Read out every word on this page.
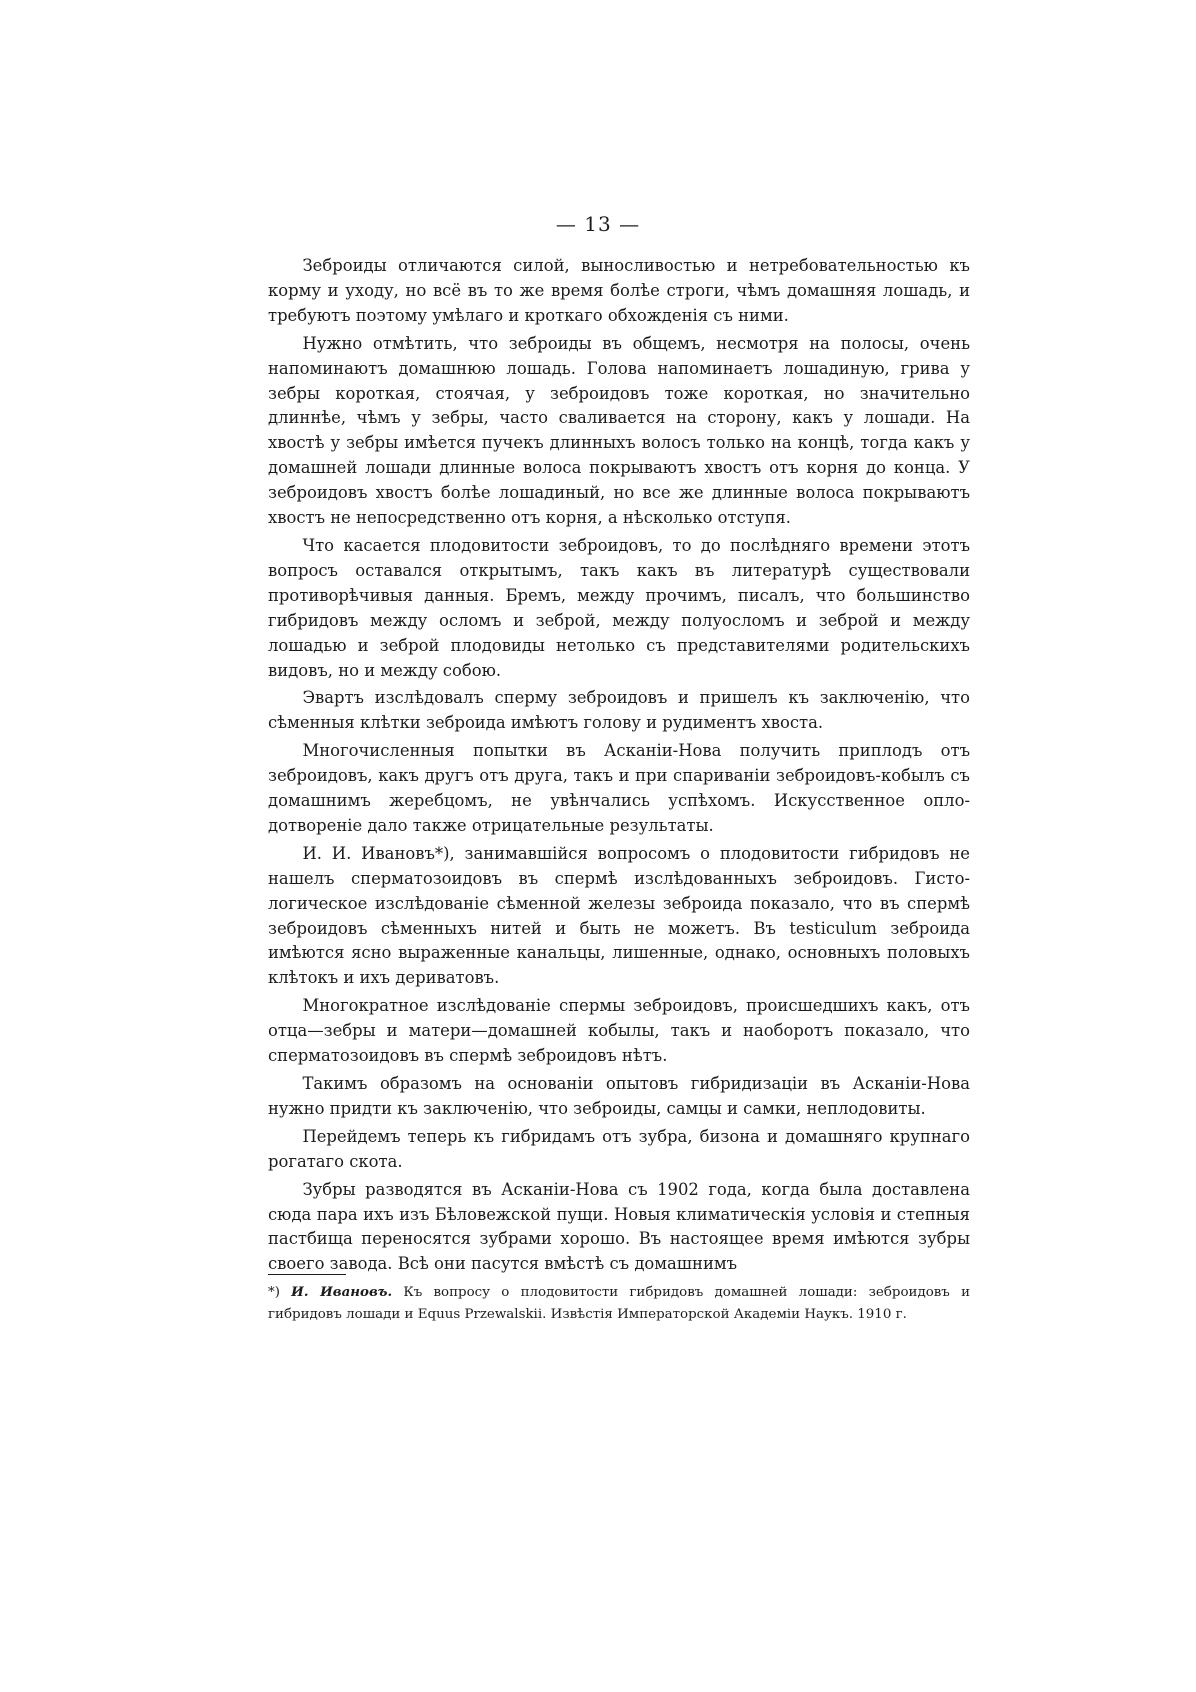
— 13 —

Зеброиды отличаются силой, выносливостью и нетребовательностью къ корму и уходу, но всё въ то же время болѣе строги, чѣмъ домашняя лошадь, и требуютъ поэтому умѣлаго и кроткаго обхожденія съ ними.

Нужно отмѣтить, что зеброиды въ общемъ, несмотря на полосы, очень напоминаютъ домашнюю лошадь. Голова напоминаетъ лошадиную, грива у зебры короткая, стоячая, у зеброидовъ тоже короткая, но значительно длиннѣе, чѣмъ у зебры, часто сваливается на сторону, какъ у лошади. На хвостѣ у зебры имѣется пучекъ длинныхъ волосъ только на концѣ, тогда какъ у домашней лошади длинные волоса покрываютъ хвостъ отъ корня до конца. У зеброидовъ хвостъ болѣе лошадиный, но все же длинные волоса покрываютъ хвостъ не непосредственно отъ корня, а нѣсколько отступя.

Что касается плодовитости зеброидовъ, то до послѣдняго времени этотъ вопросъ оставался открытымъ, такъ какъ въ литературѣ существовали противорѣчивыя данныя. Бремъ, между прочимъ, писалъ, что большинство гибридовъ между осломъ и зеброй, между полуосломъ и зеброй и между лошадью и зеброй плодовиды нетолько съ представителями родительскихъ видовъ, но и между собою.

Эвартъ изслѣдовалъ сперму зеброидовъ и пришелъ къ заключенію, что сѣменныя клѣтки зеброида имѣютъ голову и рудиментъ хвоста.

Многочисленныя попытки въ Асканіи-Нова получить приплодъ отъ зеброидовъ, какъ другъ отъ друга, такъ и при спариваніи зеброидовъ-кобылъ съ домашнимъ жеребцомъ, не увѣнчались успѣхомъ. Искусственное оплодотвореніе дало также отрицательные результаты.

И. И. Ивановъ*), занимавшійся вопросомъ о плодовитости гибридовъ не нашелъ сперматозоидовъ въ спермѣ изслѣдованныхъ зеброидовъ. Гистологическое изслѣдованіе сѣменной железы зеброида показало, что въ спермѣ зеброидовъ сѣменныхъ нитей и быть не можетъ. Въ testiculum зеброида имѣются ясно выраженные канальцы, лишенные, однако, основныхъ половыхъ клѣтокъ и ихъ дериватовъ.

Многократное изслѣдованіе спермы зеброидовъ, происшедшихъ какъ, отъ отца—зебры и матери—домашней кобылы, такъ и наоборотъ показало, что сперматозоидовъ въ спермѣ зеброидовъ нѣтъ.

Такимъ образомъ на основаніи опытовъ гибридизаціи въ Асканіи-Нова нужно придти къ заключенію, что зеброиды, самцы и самки, неплодовиты.

Перейдемъ теперь къ гибридамъ отъ зубра, бизона и домашняго крупнаго рогатаго скота.

Зубры разводятся въ Асканіи-Нова съ 1902 года, когда была доставлена сюда пара ихъ изъ Бѣловежской пущи. Новыя климатическія условія и степныя пастбища переносятся зубрами хорошо. Въ настоящее время имѣются зубры своего завода. Всѣ они пасутся вмѣстѣ съ домашнимъ

*) И. Ивановъ. Къ вопросу о плодовитости гибридовъ домашней лошади: зеброидовъ и гибридовъ лошади и Equus Przewalskii. Извѣстія Императорской Академіи Наукъ. 1910 г.
